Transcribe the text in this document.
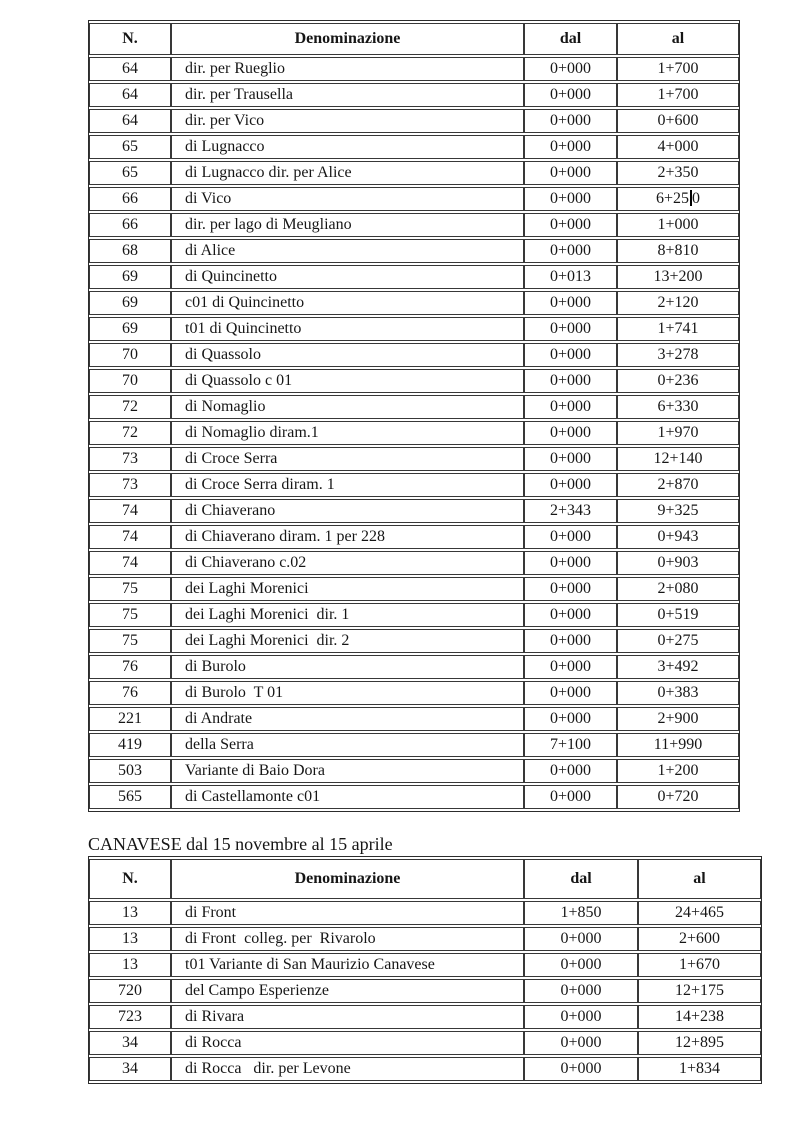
N.	Denominazione	dal	al
64	dir. per Rueglio	0+000	1+700
64	dir. per Trausella	0+000	1+700
64	dir. per Vico	0+000	0+600
65	di Lugnacco	0+000	4+000
65	di Lugnacco dir. per Alice	0+000	2+350
66	di Vico	0+000	6+25 0
66	dir. per lago di Meugliano	0+000	1+000
68	di Alice	0+000	8+810
69	di Quincinetto	0+013	13+200
69	c01 di Quincinetto	0+000	2+120
69	t01 di Quincinetto	0+000	1+741
70	di Quassolo	0+000	3+278
70	di Quassolo c 01	0+000	0+236
72	di Nomaglio	0+000	6+330
72	di Nomaglio diram.1	0+000	1+970
73	di Croce Serra	0+000	12+140
73	di Croce Serra diram. 1	0+000	2+870
74	di Chiaverano	2+343	9+325
74	di Chiaverano diram. 1 per 228	0+000	0+943
74	di Chiaverano c.02	0+000	0+903
75	dei Laghi Morenici	0+000	2+080
75	dei Laghi Morenici  dir. 1	0+000	0+519
75	dei Laghi Morenici  dir. 2	0+000	0+275
76	di Burolo	0+000	3+492
76	di Burolo  T 01	0+000	0+383
221	di Andrate	0+000	2+900
419	della Serra	7+100	11+990
503	Variante di Baio Dora	0+000	1+200
565	di Castellamonte c01	0+000	0+720
CANAVESE dal 15 novembre al 15 aprile
N.	Denominazione	dal	al
13	di Front	1+850	24+465
13	di Front  colleg. per  Rivarolo	0+000	2+600
13	t01 Variante di San Maurizio Canavese	0+000	1+670
720	del Campo Esperienze	0+000	12+175
723	di Rivara	0+000	14+238
34	di Rocca	0+000	12+895
34	di Rocca   dir. per Levone	0+000	1+834
